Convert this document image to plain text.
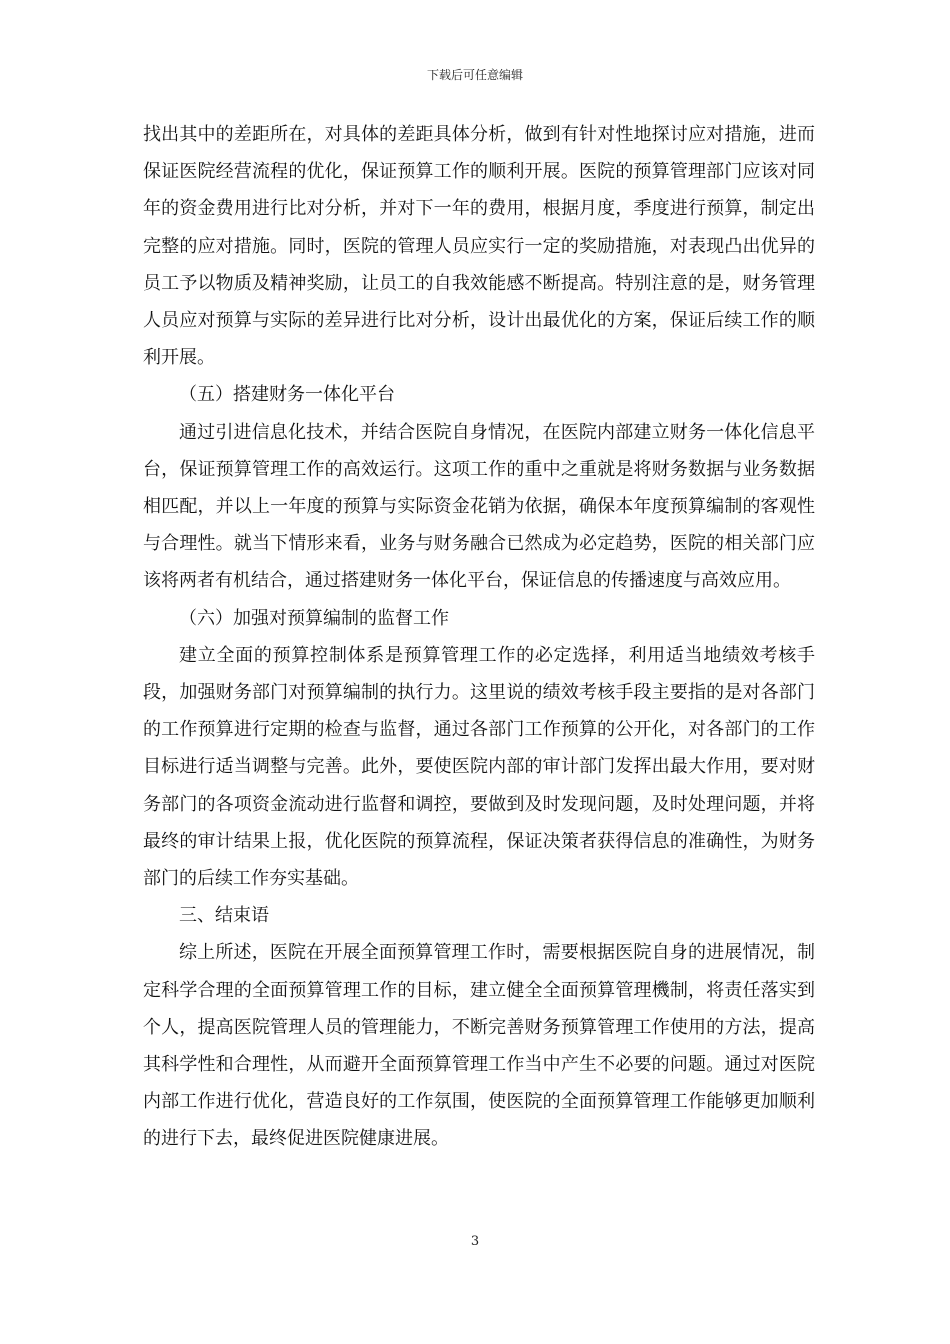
下载后可任意编辑

找出其中的差距所在，对具体的差距具体分析，做到有针对性地探讨应对措施，进而保证医院经营流程的优化，保证预算工作的顺利开展。医院的预算管理部门应该对同年的资金费用进行比对分析，并对下一年的费用，根据月度，季度进行预算，制定出完整的应对措施。同时，医院的管理人员应实行一定的奖励措施，对表现凸出优异的员工予以物质及精神奖励，让员工的自我效能感不断提高。特别注意的是，财务管理人员应对预算与实际的差异进行比对分析，设计出最优化的方案，保证后续工作的顺利开展。

（五）搭建财务一体化平台

通过引进信息化技术，并结合医院自身情况，在医院内部建立财务一体化信息平台，保证预算管理工作的高效运行。这项工作的重中之重就是将财务数据与业务数据相匹配，并以上一年度的预算与实际资金花销为依据，确保本年度预算编制的客观性与合理性。就当下情形来看，业务与财务融合已然成为必定趋势，医院的相关部门应该将两者有机结合，通过搭建财务一体化平台，保证信息的传播速度与高效应用。

（六）加强对预算编制的监督工作

建立全面的预算控制体系是预算管理工作的必定选择，利用适当地绩效考核手段，加强财务部门对预算编制的执行力。这里说的绩效考核手段主要指的是对各部门的工作预算进行定期的检查与监督，通过各部门工作预算的公开化，对各部门的工作目标进行适当调整与完善。此外，要使医院内部的审计部门发挥出最大作用，要对财务部门的各项资金流动进行监督和调控，要做到及时发现问题，及时处理问题，并将最终的审计结果上报，优化医院的预算流程，保证决策者获得信息的准确性，为财务部门的后续工作夯实基础。

三、结束语

综上所述，医院在开展全面预算管理工作时，需要根据医院自身的进展情况，制定科学合理的全面预算管理工作的目标，建立健全全面预算管理機制，将责任落实到个人，提高医院管理人员的管理能力，不断完善财务预算管理工作使用的方法，提高其科学性和合理性，从而避开全面预算管理工作当中产生不必要的问题。通过对医院内部工作进行优化，营造良好的工作氛围，使医院的全面预算管理工作能够更加顺利的进行下去，最终促进医院健康进展。

3
